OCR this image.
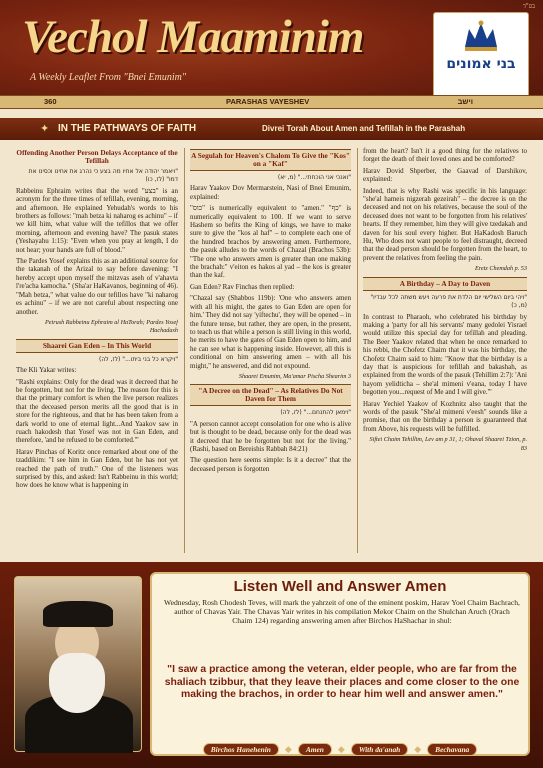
בס"ד
Vechol Maaminim
A Weekly Leaflet From "Bnei Emunim"
בני אמונים
360	PARASHAS VAYESHEV	וישב
✦ IN THE PATHWAYS OF FAITH	Divrei Torah About Amen and Tefillah in the Parashah
Offending Another Person Delays Acceptance of the Tefillah
"ויאמר יהודה אל אחיו מה בצע כי נהרג את אחינו וכסינו את דמו" (לז, כו)

Rabbeinu Ephraim writes that the word "בצע" is an acronym for the three times of tefillah, evening, morning, and afternoon. He explained Yehudah's words to his brothers as follows: "mah betza ki naharog es achinu" – if we kill him, what value will the tefillos that we offer morning, afternoon and evening have? The pasuk states (Yeshayahu 1:15): "Even when you pray at length, I do not hear; your hands are full of blood."

The Pardes Yosef explains this as an additional source for the takanah of the Arizal to say before davening: "I hereby accept upon myself the mitzvas aseh of v'ahavta l're'acha kamocha." (Sha'ar HaKavanos, beginning of 46). "Mah betza," what value do our tefillos have "ki naharog es achinu" – if we are not careful about respecting one another.

Peirush Rabbeinu Ephraim al HaTorah; Pardes Yosef Hachadash
Shaarei Gan Eden – In This World
"ויקרא כל בני ביתו..." (לז, לה)

The Kli Yakar writes:

"Rashi explains: Only for the dead was it decreed that he be forgotten, but not for the living. The reason for this is that the primary comfort is when the live person realizes that the deceased person merits all the good that is in store for the righteous, and that he has been taken from a dark world to one of eternal light...And Yaakov saw in ruach hakodesh that Yosef was not in Gan Eden, and therefore, 'and he refused to be comforted.'"

Harav Pinchas of Koritz once remarked about one of the tzaddikim: "I see him in Gan Eden, but he has not yet reached the path of truth." One of the listeners was surprised by this, and asked: Isn't Rabbeinu in this world; how does he know what is happening in

A Segulah for Heaven's Chalom To Give the "Kos" on a "Kaf"
"ואנכי אני הוכחתי..." (מ, יא)

Harav Yaakov Dov Mermarstein, Nasi of Bnei Emunim, explained:

"כוס" is numerically equivalent to "amen." "כף" is numerically equivalent to 100. If we want to serve Hashem so befits the King of kings, we have to make sure to give the "kos al haf" – to complete each one of the hundred brachos by answering amen. Furthermore, the pasuk alludes to the words of Chazal (Brachos 53b): "The one who answers amen is greater than one making the brachah:" v'eiton es hakos al yad – the kos is greater than the kaf.

Gan Eden? Rav Finchas then replied:

"Chazal say (Shabbos 119b): 'One who answers amen with all his might, the gates to Gan Eden are open for him.' They did not say 'yiftechu', they will be opened – in the future tense, but rather, they are open, in the present, to teach us that while a person is still living in this world, he merits to have the gates of Gan Eden open to him, and he can see what is happening inside. However, all this is conditional on him answering amen – with all his might," he answered, and did not expound.

Shaarei Emunim, Ma'amar Pischa Shearim 3
"A Decree on the Dead" – As Relatives Do Not Daven for Them
"וימאן להתנחם..." (לז, לה)

"A person cannot accept consolation for one who is alive but is thought to be dead, because only for the dead was it decreed that he be forgotten but not for the living." (Rashi, based on Bereishis Rabbah 84:21)

The question here seems simple: Is it a decree" that the deceased person is forgotten

from the heart? Isn't it a good thing for the relatives to forget the death of their loved ones and be comforted?

Harav Dovid Shperber, the Gaavad of Darshikov, explained:

Indeed, that is why Rashi was specific in his language: "she'al hameis nigzerah gezeirah" – the decree is on the deceased and not on his relatives, because the soul of the deceased does not want to be forgotten from his relatives' hearts. If they remember, him they will give tzedakah and daven for his soul every higher. But HaKadosh Baruch Hu, Who does not want people to feel distraught, decreed that the dead person should be forgotten from the heart, to prevent the relatives from feeling the pain.

Eretz Chemdah p. 53
A Birthday – A Day to Daven
"ויהי ביום השלישי יום הלדת את פרעה ויעש משתה לכל עבדיו" (מ, כ)

In contrast to Pharaoh, who celebrated his birthday by making a 'party for all his servants' many gedolei Yisrael would utilize this special day for tefillah and pleading. The Beer Yaakov related that when he once remarked to his rebbi, the Chofetz Chaim that it was his birthday, the Chofetz Chaim said to him: "Know that the birthday is a day that is auspicious for tefillah and bakashah, as explained from the words of the pasuk (Tehillim 2:7): 'Ani hayom yelidticha – she'al mimeni v'eana, today I have begotten you...request of Me and I will give.'"

Harav Yechiel Yaakov of Kozhnitz also taught that the words of the pasuk "She'al mimeni v'eesh" sounds like a promise, that on the birthday a person is guaranteed that from Above, his requests will be fulfilled.

Siftei Chaim Tehillim, Lev am p 31, 1; Ohaval Shaarei Tzion, p. 83
Listen Well and Answer Amen
Wednesday, Rosh Chodesh Teves, will mark the yahrzeit of one of the eminent poskim, Harav Yoel Chaim Bachrach, author of Chavas Yair. The Chavas Yair writes in his compilation Mekor Chaim on the Shulchan Aruch (Orach Chaim 124) regarding answering amen after Birchos HaShachar in shul:
"I saw a practice among the veteran, elder people, who are far from the shaliach tzibbur, that they leave their places and come closer to the one making the brachos, in order to hear him well and answer amen."
Birchos Hanehenin	◆	Amen	◆	With da'anah	◆	Bechavana
